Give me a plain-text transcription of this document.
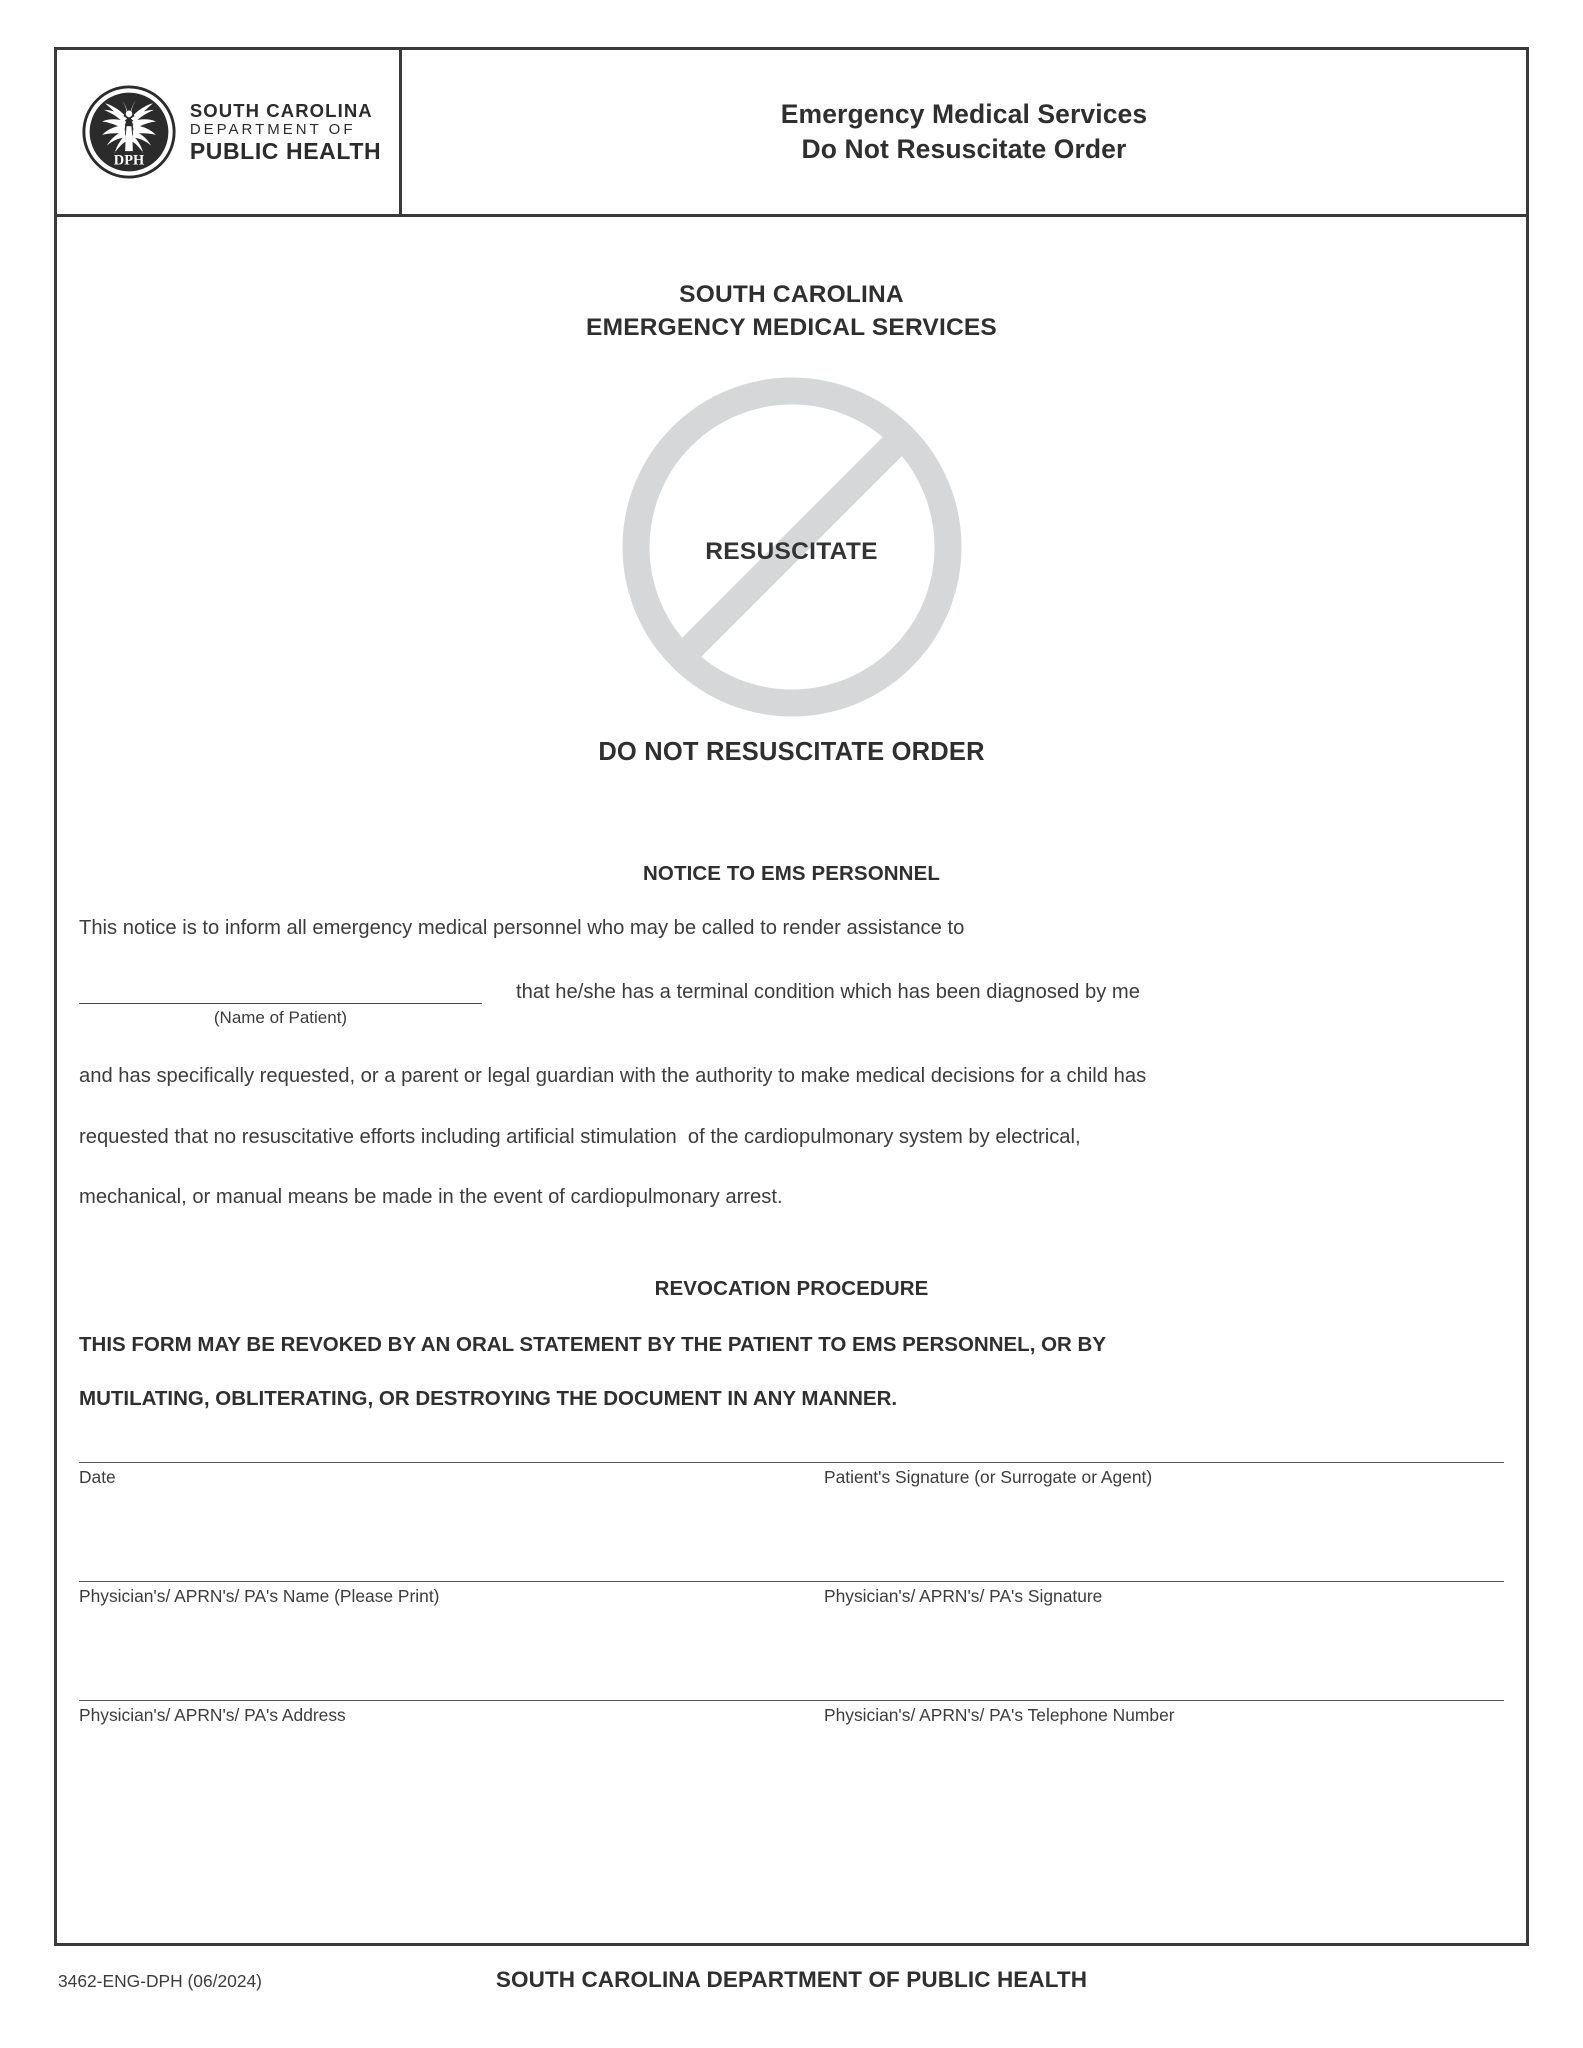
DPH
SOUTH CAROLINA
DEPARTMENT OF
PUBLIC HEALTH
Emergency Medical Services
Do Not Resuscitate Order
SOUTH CAROLINA
EMERGENCY MEDICAL SERVICES
RESUSCITATE
DO NOT RESUSCITATE ORDER
NOTICE TO EMS PERSONNEL
This notice is to inform all emergency medical personnel who may be called to render assistance to
that he/she has a terminal condition which has been diagnosed by me
(Name of Patient)
and has specifically requested, or a parent or legal guardian with the authority to make medical decisions for a child has
requested that no resuscitative efforts including artificial stimulation  of the cardiopulmonary system by electrical,
mechanical, or manual means be made in the event of cardiopulmonary arrest.
REVOCATION PROCEDURE
THIS FORM MAY BE REVOKED BY AN ORAL STATEMENT BY THE PATIENT TO EMS PERSONNEL, OR BY
MUTILATING, OBLITERATING, OR DESTROYING THE DOCUMENT IN ANY MANNER.
Date	Patient's Signature (or Surrogate or Agent)
Physician's/ APRN's/ PA's Name (Please Print)	Physician's/ APRN's/ PA's Signature
Physician's/ APRN's/ PA's Address	Physician's/ APRN's/ PA's Telephone Number
3462-ENG-DPH (06/2024)	SOUTH CAROLINA DEPARTMENT OF PUBLIC HEALTH
